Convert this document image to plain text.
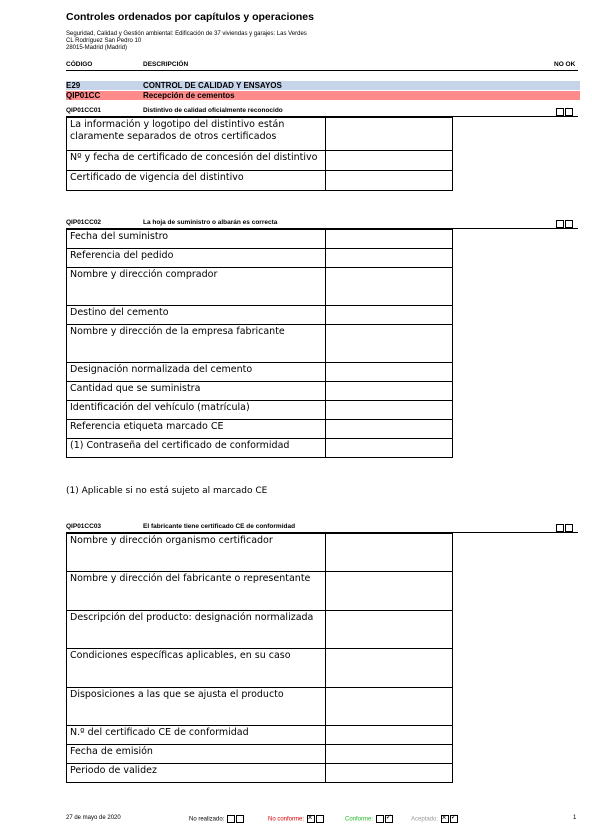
Controles ordenados por capítulos y operaciones
Seguridad, Calidad y Gestión ambiental: Edificación de 37 viviendas y garajes: Las Verdes
CL Rodríguez San Pedro 10
28015-Madrid (Madrid)
CÓDIGO	DESCRIPCIÓN	NO OK
E29	CONTROL DE CALIDAD Y ENSAYOS
QIP01CC	Recepción de cementos
QIP01CC01	Distintivo de calidad oficialmente reconocido
La información y logotipo del distintivo están claramente separados de otros certificados	
Nº y fecha de certificado de concesión del distintivo	
Certificado de vigencia del distintivo	
QIP01CC02	La hoja de suministro o albarán es correcta
Fecha del suministro	
Referencia del pedido	
Nombre y dirección comprador	
Destino del cemento	
Nombre y dirección de la empresa fabricante	
Designación normalizada del cemento	
Cantidad que se suministra	
Identificación del vehículo (matrícula)	
Referencia etiqueta marcado CE	
(1) Contraseña del certificado de conformidad	
(1) Aplicable si no está sujeto al marcado CE
QIP01CC03	El fabricante tiene certificado CE de conformidad
Nombre y dirección organismo certificador	
Nombre y dirección del fabricante o representante	
Descripción del producto: designación normalizada	
Condiciones específicas aplicables, en su caso	
Disposiciones a las que se ajusta el producto	
N.º del certificado CE de conformidad	
Fecha de emisión	
Periodo de validez	
27 de mayo de 2020	No realizado:	No conforme: ×	Conforme: ✓	Aceptado: × ✓	1
